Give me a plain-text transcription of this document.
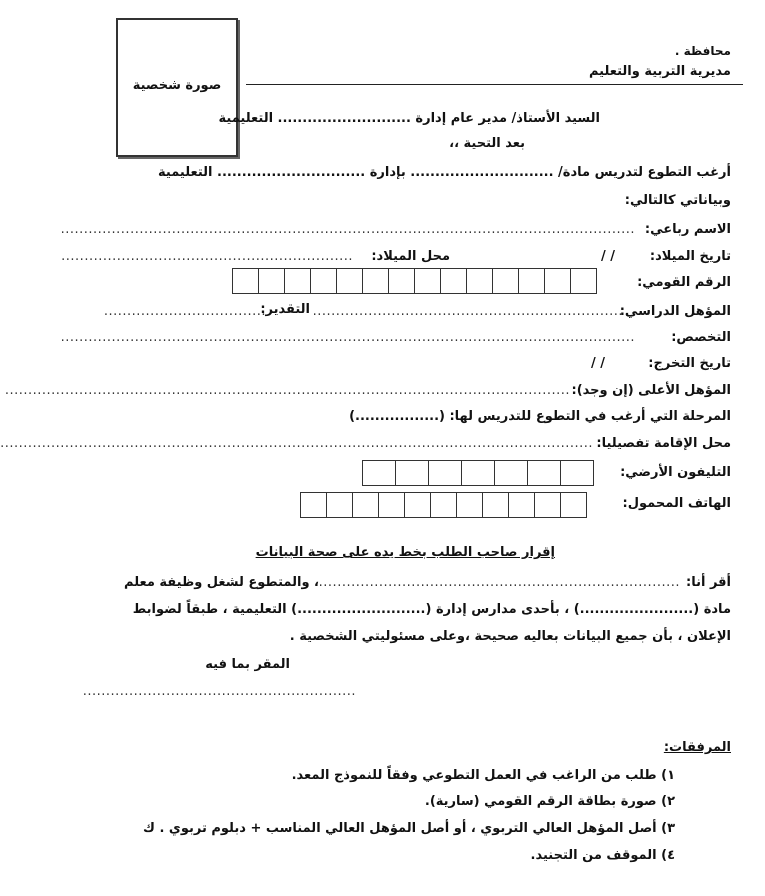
صورة شخصية
محافظة .
مديرية التربية والتعليم
السيد الأستاذ/ مدير عام إدارة ........................... التعليمية
بعد التحية ،،
أرغب التطوع لتدريس مادة/ ............................. بإدارة .............................. التعليمية
وبياناتي كالتالي:
الاسم رباعي:
............................................................................................................................
تاريخ الميلاد:
/ /
محل الميلاد:
...............................................................
الرقم القومي:
المؤهل الدراسي:
...................................................................
التقدير:
...................................
التخصص:
............................................................................................................................
تاريخ التخرج:
/ /
المؤهل الأعلى (إن وجد):
..........................................................................................................................
المرحلة التي أرغب في التطوع للتدريس لها: (.................)
محل الإقامة تفصيليا:
................................................................................................................................
التليفون الأرضي:
الهاتف المحمول:
إقرار صاحب الطلب بخط يده على صحة البيانات
أقر أنا:
...............................................................................
، والمتطوع لشغل وظيفة معلم
مادة (.......................) ، بأحدى مدارس إدارة (..........................) التعليمية ، طبقاً لضوابط
الإعلان ، بأن جميع البيانات بعاليه صحيحة ،وعلى مسئوليتي الشخصية .
المقر بما فيه
...........................................................
المرفقات:
١) طلب من الراغب في العمل التطوعي وفقاً للنموذج المعد.
٢) صورة بطاقة الرقم القومي (سارية).
٣) أصل المؤهل العالي التربوي ، أو أصل المؤهل العالي المناسب + دبلوم تربوي . ك
٤) الموقف من التجنيد.
